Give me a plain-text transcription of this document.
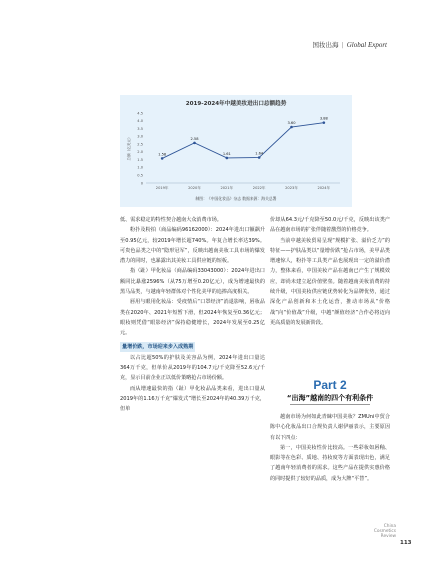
国妆出海 | Global Export
2019-2024年中越美妆进出口总额趋势
0
0.5
1.0
1.5
2.0
2.5
3.0
3.5
4.0
4.5
总额（亿美元）
2019年	2020年	2021年	2022年	2023年	2024年
1.58
2.58
1.61	1.64
3.60
3.88
制图：《中国化妆品》杂志 数据来源：海关总署

低、需求稳定的特性契合越南大众消费市场。

粉扑及粉拍（商品编码96162000）：2024年进出口额飙升至0.95亿元，较2019年增长超740%。年复合增长率达39%。可贵色品类之中的“隐形冠军”，反映出越南美妆工具市场的爆发潜力的同时，也暴露出其美妆工具供应链的短板。

指（趾）甲化妆品（商品编码33043000）：2024年进出口额同比暴涨2596%（从75万增至0.20亿元），成为增速最快的黑马品类，与越南年轻群体对个性化美甲的追捧高度相关。

唇用与眼用化妆品：受疫情后“口罩经济”消退影响，唇妆品类在2020年、2021年短暂下滑，但2024年恢复至0.36亿元；眼妆则凭借“眼影经济”保持稳健增长，2024年发展至0.25亿元。

量增价跌，市场迎来步入成熟期

以占比超50%的护肤及美容品为例，2024年进出口量达364万千克，但单价从2019年的104.7元/千克降至52.6元/千克，显示目前企业正以低价策略抢占市场份额。

而从增速最快的指（趾）甲化妆品品类来看，进出口量从2019年的1.16万千克“爆发式”增长至2024年的40.39万千克，但单

价却从64.3元/千克降至50.0元/千克，反映出该类产品在越南市场的扩张伴随着激烈的价格竞争。

当前中越美妆贸易呈现“规模扩张、溢价乏力”的特征——护肤品类以“量增价跌”抢占市场，美甲品类增速惊人，粉扑等工具类产品也展现出一定的溢价潜力，整体来看，中国美妆产品在越南已产生了规模效应，却尚未建立起价值壁垒。随着越南美妆消费的持续升级，中国美妆供应链优势转化为品牌优势，通过深化产品创新和本土化运营，推动市场从“价格战”向“价值战”升级，中越“颜值经济”合作必将迈向更高质量的发展新阶段。

Part 2
“出海”越南的四个有利条件

越南市场为何如此青睐中国美妆？ZMUni中贸合陈中心化妆品出口合规负责人谢伊丽表示，主要原因有以下四点：

第一，中国美妆性价比较高。一些彩妆如唇釉、眼影等在色彩、质地、持妆度等方面表现出色，满足了越南年轻消费者的需求。这些产品在提供实惠价格的同时提供了较好的品质，成为大牌“平替”。

China
Cosmetics
Review
113
